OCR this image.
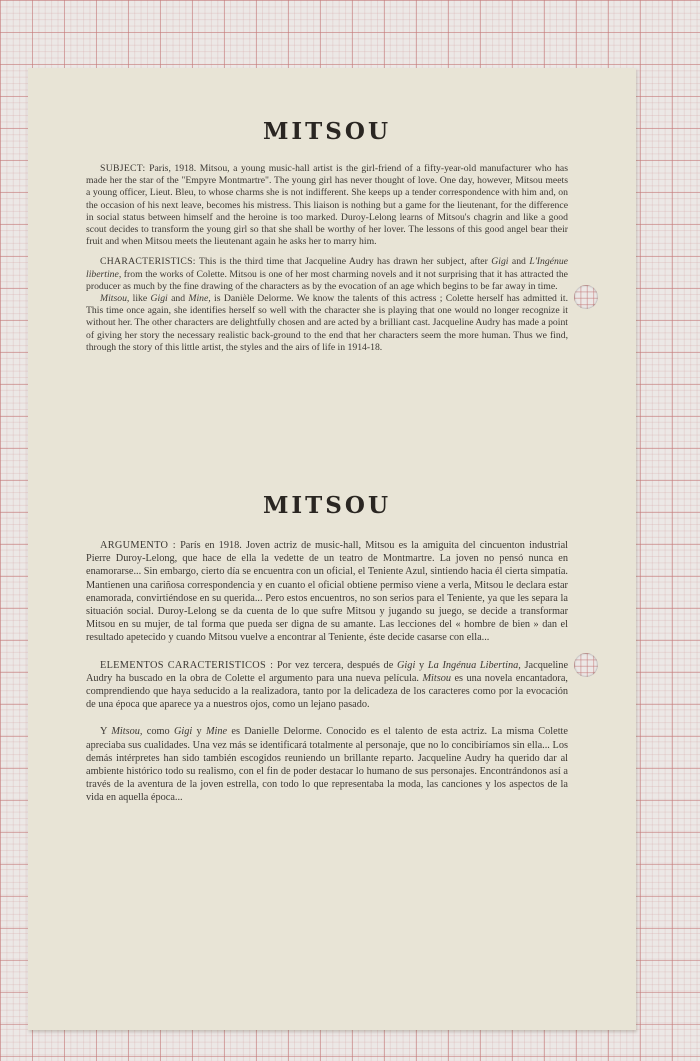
MITSOU

SUBJECT: Paris, 1918. Mitsou, a young music-hall artist is the girl-friend of a fifty-year-old manufacturer who has made her the star of the "Empyre Montmartre". The young girl has never thought of love. One day, however, Mitsou meets a young officer, Lieut. Bleu, to whose charms she is not indifferent. She keeps up a tender correspondence with him and, on the occasion of his next leave, becomes his mistress. This liaison is nothing but a game for the lieutenant, for the difference in social status between himself and the heroine is too marked. Duroy-Lelong learns of Mitsou's chagrin and like a good scout decides to transform the young girl so that she shall be worthy of her lover. The lessons of this good angel bear their fruit and when Mitsou meets the lieutenant again he asks her to marry him.

CHARACTERISTICS: This is the third time that Jacqueline Audry has drawn her subject, after Gigi and L'Ingénue libertine, from the works of Colette. Mitsou is one of her most charming novels and it not surprising that it has attracted the producer as much by the fine drawing of the characters as by the evocation of an age which begins to be far away in time.

Mitsou, like Gigi and Mine, is Danièle Delorme. We know the talents of this actress ; Colette herself has admitted it. This time once again, she identifies herself so well with the character she is playing that one would no longer recognize it without her. The other characters are delightfully chosen and are acted by a brilliant cast. Jacqueline Audry has made a point of giving her story the necessary realistic back-ground to the end that her characters seem the more human. Thus we find, through the story of this little artist, the styles and the airs of life in 1914-18.

MITSOU

ARGUMENTO : París en 1918. Joven actriz de music-hall, Mitsou es la amiguita del cincuenton industrial Pierre Duroy-Lelong, que hace de ella la vedette de un teatro de Montmartre. La joven no pensó nunca en enamorarse... Sin embargo, cierto día se encuentra con un oficial, el Teniente Azul, sintiendo hacia él cierta simpatía. Mantienen una cariñosa correspondencia y en cuanto el oficial obtiene permiso viene a verla, Mitsou le declara estar enamorada, convirtiéndose en su querida... Pero estos encuentros, no son serios para el Teniente, ya que les separa la situación social. Duroy-Lelong se da cuenta de lo que sufre Mitsou y jugando su juego, se decide a transformar Mitsou en su mujer, de tal forma que pueda ser digna de su amante. Las lecciones del « hombre de bien » dan el resultado apetecido y cuando Mitsou vuelve a encontrar al Teniente, éste decide casarse con ella...

ELEMENTOS CARACTERISTICOS : Por vez tercera, después de Gigi y La Ingénua Libertina, Jacqueline Audry ha buscado en la obra de Colette el argumento para una nueva película. Mitsou es una novela encantadora, comprendiendo que haya seducido a la realizadora, tanto por la delicadeza de los caracteres como por la evocación de una época que aparece ya a nuestros ojos, como un lejano pasado.

Y Mitsou, como Gigi y Mine es Danielle Delorme. Conocido es el talento de esta actriz. La misma Colette apreciaba sus cualidades. Una vez más se identificará totalmente al personaje, que no lo concibiríamos sin ella... Los demás intérpretes han sido también escogidos reuniendo un brillante reparto. Jacqueline Audry ha querido dar al ambiente histórico todo su realismo, con el fin de poder destacar lo humano de sus personajes. Encontrándonos así a través de la aventura de la joven estrella, con todo lo que representaba la moda, las canciones y los aspectos de la vida en aquella época...
